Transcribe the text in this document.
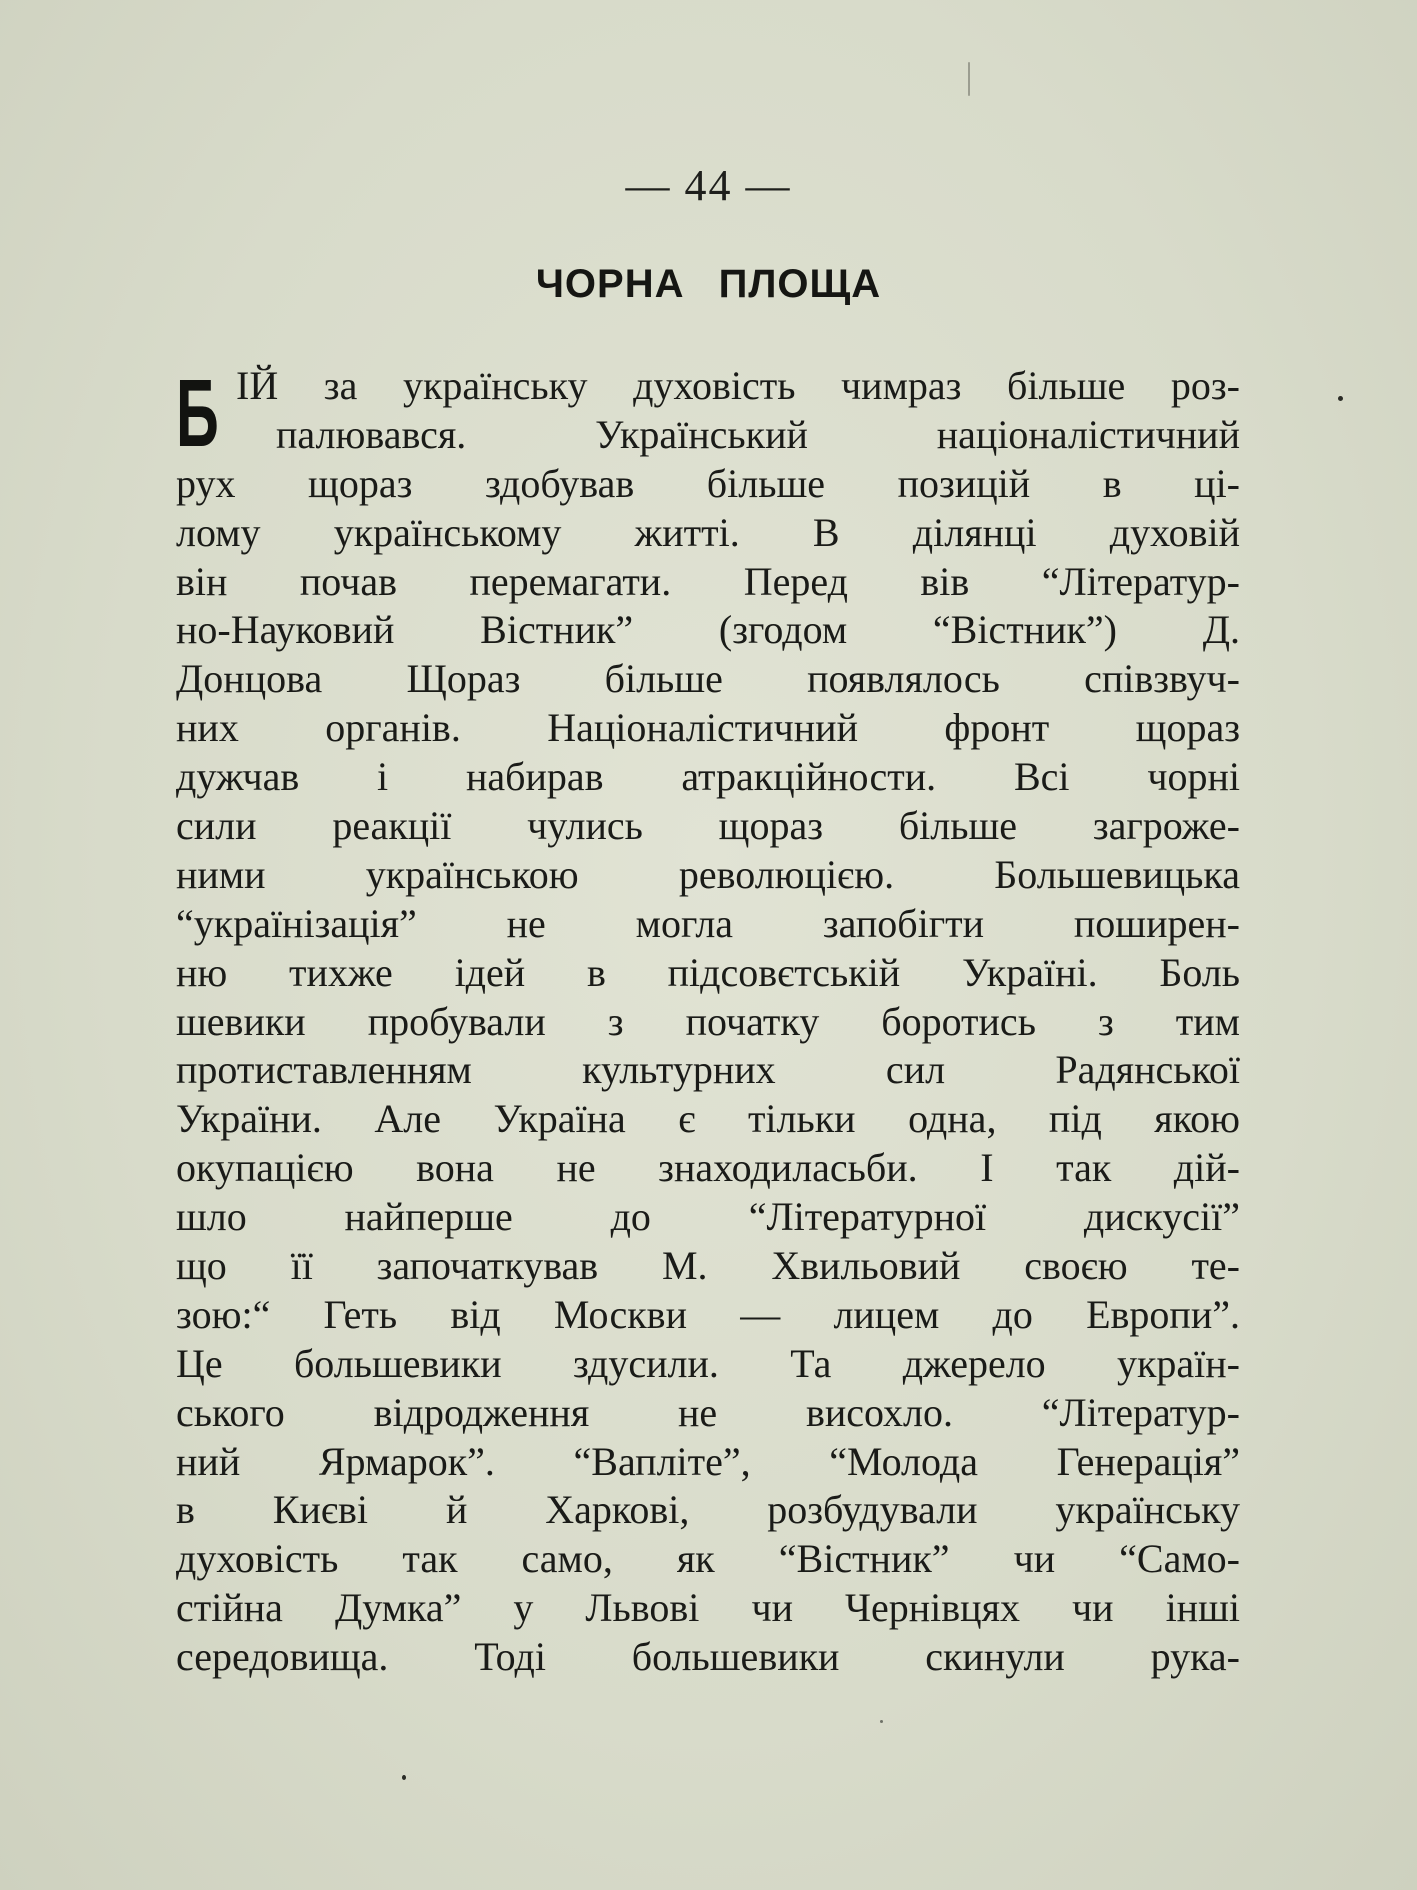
— 44 —
ЧОРНА ПЛОЩА
Б ІЙ за українську духовість чимраз більше роз-
палювався. Український націоналістичний
рух щораз здобував більше позицій в ці-
лому українському житті. В ділянці духовій
він почав перемагати. Перед вів “Літератур-
но-Науковий Вістник” (згодом “Вістник”) Д.
Донцова Щораз більше появлялось співзвуч-
них органів. Націоналістичний фронт щораз
дужчав і набирав атракційности. Всі чорні
сили реакції чулись щораз більше загроже-
ними українською революцією. Большевицька
“українізація” не могла запобігти поширен-
ню тихже ідей в підсовєтській Україні. Боль
шевики пробували з початку боротись з тим
протиставленням культурних сил Радянської
України. Але Україна є тільки одна, під якою
окупацією вона не знаходиласьби. І так дій-
шло найперше до “Літературної дискусії”
що її започаткував М. Хвильовий своєю те-
зою:“ Геть від Москви — лицем до Европи”.
Це большевики здусили. Та джерело україн-
ського відродження не висохло. “Літератур-
ний Ярмарок”. “Вапліте”, “Молода Генерація”
в Києві й Харкові, розбудували українську
духовість так само, як “Вістник” чи “Само-
стійна Думка” у Львові чи Чернівцях чи інші
середовища. Тоді большевики скинули рука-
